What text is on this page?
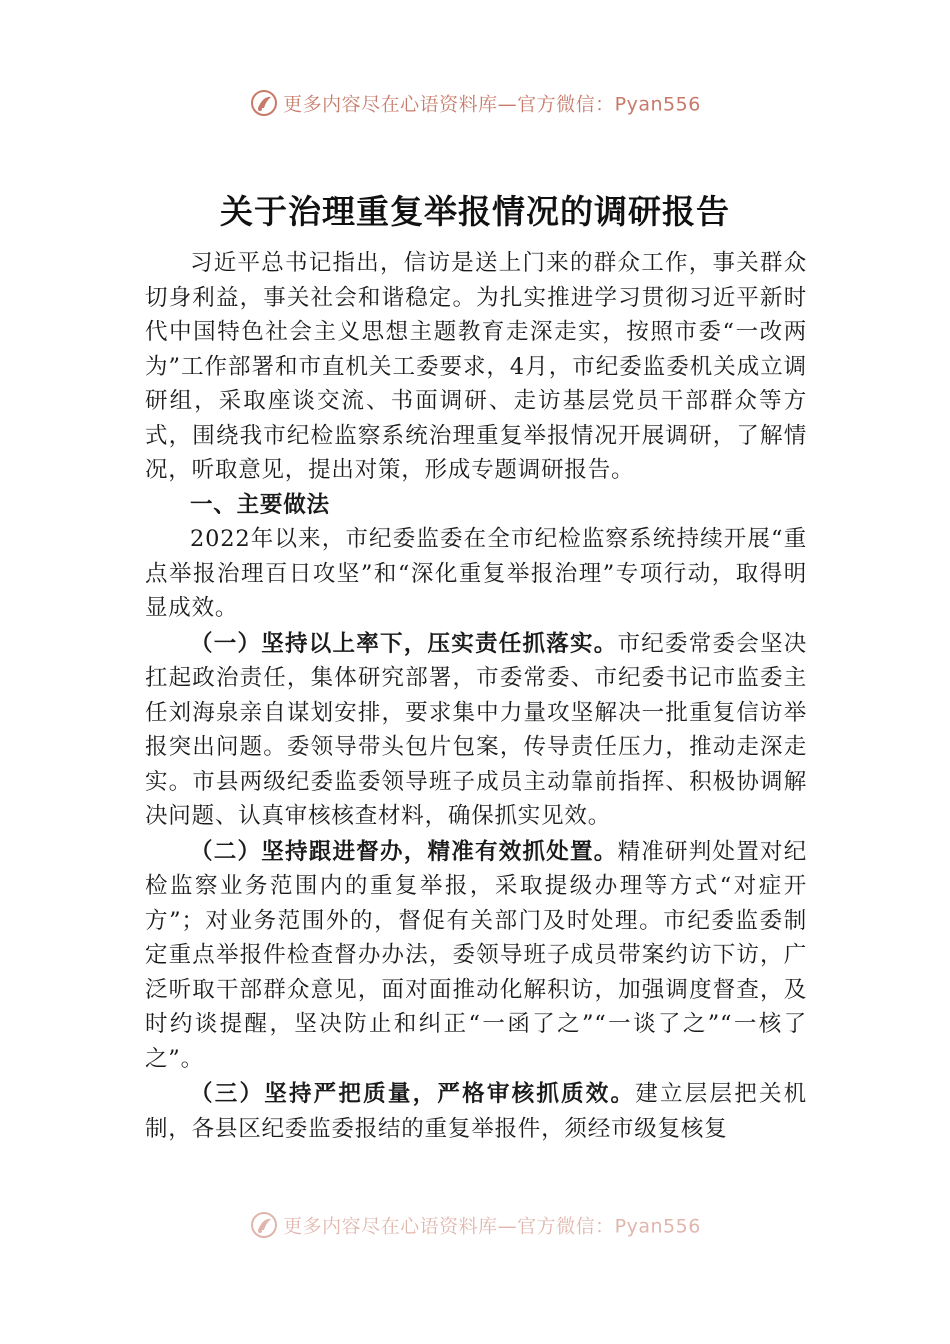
更多内容尽在心语资料库—官方微信：Pyan556
关于治理重复举报情况的调研报告

习近平总书记指出，信访是送上门来的群众工作，事关群众切身利益，事关社会和谐稳定。为扎实推进学习贯彻习近平新时代中国特色社会主义思想主题教育走深走实，按照市委“一改两为”工作部署和市直机关工委要求，4月，市纪委监委机关成立调研组，采取座谈交流、书面调研、走访基层党员干部群众等方式，围绕我市纪检监察系统治理重复举报情况开展调研，了解情况，听取意见，提出对策，形成专题调研报告。

一、主要做法

2022年以来，市纪委监委在全市纪检监察系统持续开展“重点举报治理百日攻坚”和“深化重复举报治理”专项行动，取得明显成效。

（一）坚持以上率下，压实责任抓落实。市纪委常委会坚决扛起政治责任，集体研究部署，市委常委、市纪委书记市监委主任刘海泉亲自谋划安排，要求集中力量攻坚解决一批重复信访举报突出问题。委领导带头包片包案，传导责任压力，推动走深走实。市县两级纪委监委领导班子成员主动靠前指挥、积极协调解决问题、认真审核核查材料，确保抓实见效。

（二）坚持跟进督办，精准有效抓处置。精准研判处置对纪检监察业务范围内的重复举报，采取提级办理等方式“对症开方”；对业务范围外的，督促有关部门及时处理。市纪委监委制定重点举报件检查督办办法，委领导班子成员带案约访下访，广泛听取干部群众意见，面对面推动化解积访，加强调度督查，及时约谈提醒，坚决防止和纠正“一函了之”“一谈了之”“一核了之”。

（三）坚持严把质量，严格审核抓质效。建立层层把关机制，各县区纪委监委报结的重复举报件，须经市级复核复

更多内容尽在心语资料库—官方微信：Pyan556
